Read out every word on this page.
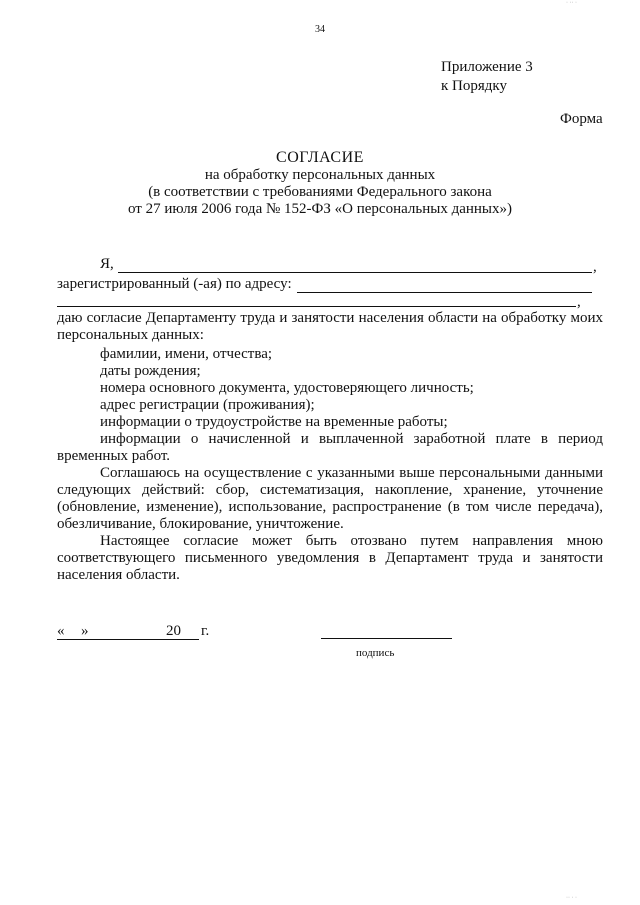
· ·· ·
34
Приложение 3
к Порядку
Форма
СОГЛАСИЕ
на обработку персональных данных
(в соответствии с требованиями Федерального закона
от 27 июля 2006 года № 152-ФЗ «О персональных данных»)
Я,	,
зарегистрированный (-ая) по адресу:
,
даю согласие Департаменту труда и занятости населения области на обработку моих персональных данных:
фамилии, имени, отчества;
даты рождения;
номера основного документа, удостоверяющего личность;
адрес регистрации (проживания);
информации о трудоустройстве на временные работы;
информации о начисленной и выплаченной заработной плате в период временных работ.
Соглашаюсь на осуществление с указанными выше персональными данными следующих действий: сбор, систематизация, накопление, хранение, уточнение (обновление, изменение), использование, распространение (в том числе передача), обезличивание, блокирование, уничтожение.
Настоящее согласие может быть отозвано путем направления мною соответствующего письменного уведомления в Департамент труда и занятости населения области.
« »	20 г.
подпись
·· · ·
